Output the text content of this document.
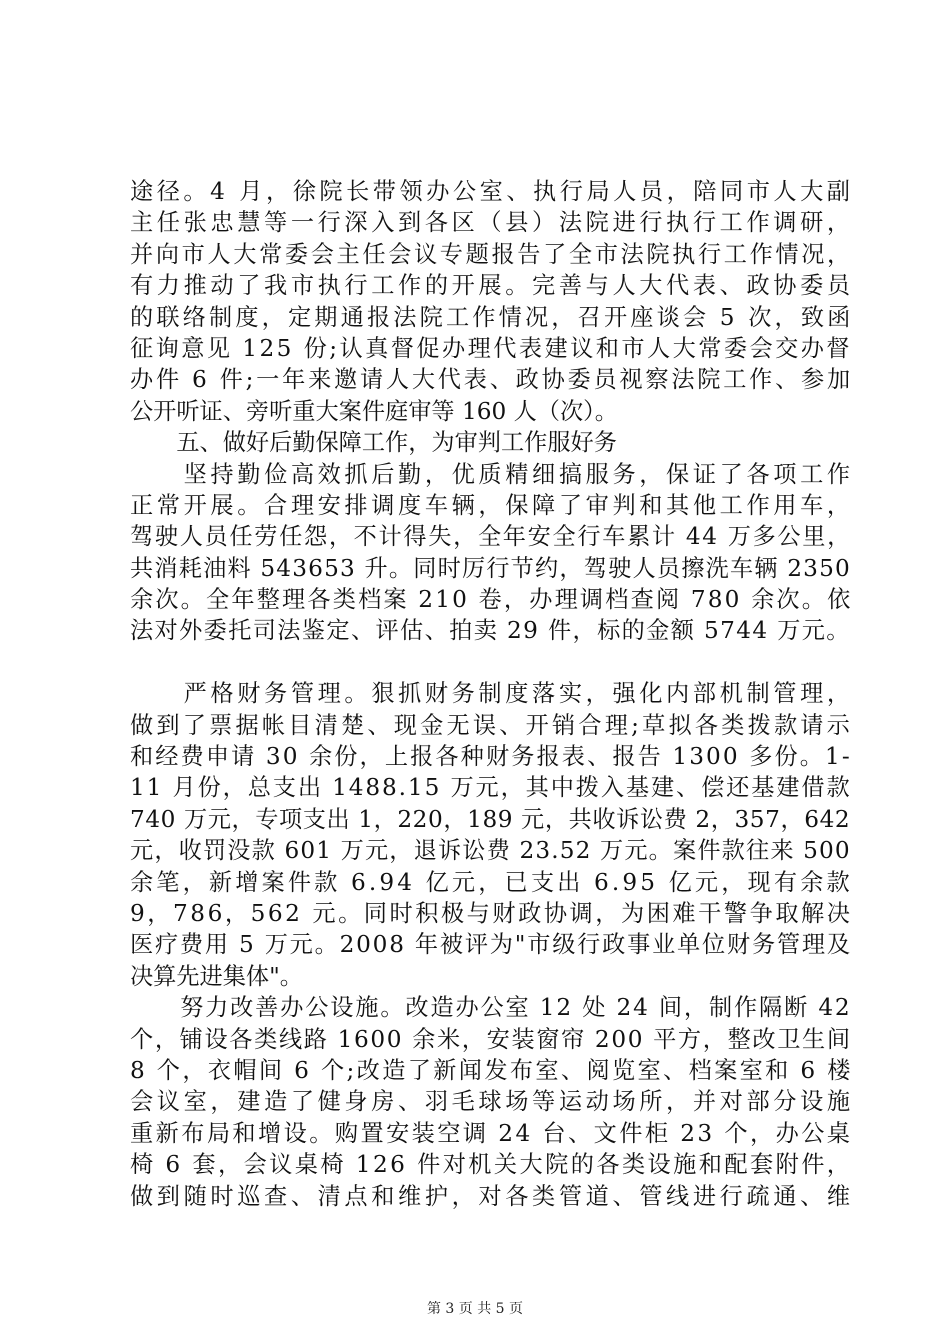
途径。4 月，徐院长带领办公室、执行局人员，陪同市人大副
主任张忠慧等一行深入到各区（县）法院进行执行工作调研，
并向市人大常委会主任会议专题报告了全市法院执行工作情况，
有力推动了我市执行工作的开展。完善与人大代表、政协委员
的联络制度，定期通报法院工作情况，召开座谈会 5 次，致函
征询意见 125 份;认真督促办理代表建议和市人大常委会交办督
办件 6 件;一年来邀请人大代表、政协委员视察法院工作、参加
公开听证、旁听重大案件庭审等 160 人（次）。
　　五、做好后勤保障工作，为审判工作服好务
　　坚持勤俭高效抓后勤，优质精细搞服务，保证了各项工作
正常开展。合理安排调度车辆，保障了审判和其他工作用车，
驾驶人员任劳任怨，不计得失，全年安全行车累计 44 万多公里，
共消耗油料 543653 升。同时厉行节约，驾驶人员擦洗车辆 2350
余次。全年整理各类档案 210 卷，办理调档查阅 780 余次。依
法对外委托司法鉴定、评估、拍卖 29 件，标的金额 5744 万元。
　　严格财务管理。狠抓财务制度落实，强化内部机制管理，
做到了票据帐目清楚、现金无误、开销合理;草拟各类拨款请示
和经费申请 30 余份，上报各种财务报表、报告 1300 多份。1-
11 月份，总支出 1488.15 万元，其中拨入基建、偿还基建借款
740 万元，专项支出 1，220，189 元，共收诉讼费 2，357，642
元，收罚没款 601 万元，退诉讼费 23.52 万元。案件款往来 500
余笔，新增案件款 6.94 亿元，已支出 6.95 亿元，现有余款
9，786，562 元。同时积极与财政协调，为困难干警争取解决
医疗费用 5 万元。2008 年被评为"市级行政事业单位财务管理及
决算先进集体"。
　　努力改善办公设施。改造办公室 12 处 24 间，制作隔断 42
个，铺设各类线路 1600 余米，安装窗帘 200 平方，整改卫生间
8 个，衣帽间 6 个;改造了新闻发布室、阅览室、档案室和 6 楼
会议室，建造了健身房、羽毛球场等运动场所，并对部分设施
重新布局和增设。购置安装空调 24 台、文件柜 23 个，办公桌
椅 6 套，会议桌椅 126 件对机关大院的各类设施和配套附件，
做到随时巡查、清点和维护，对各类管道、管线进行疏通、维
第 3 页 共 5 页
